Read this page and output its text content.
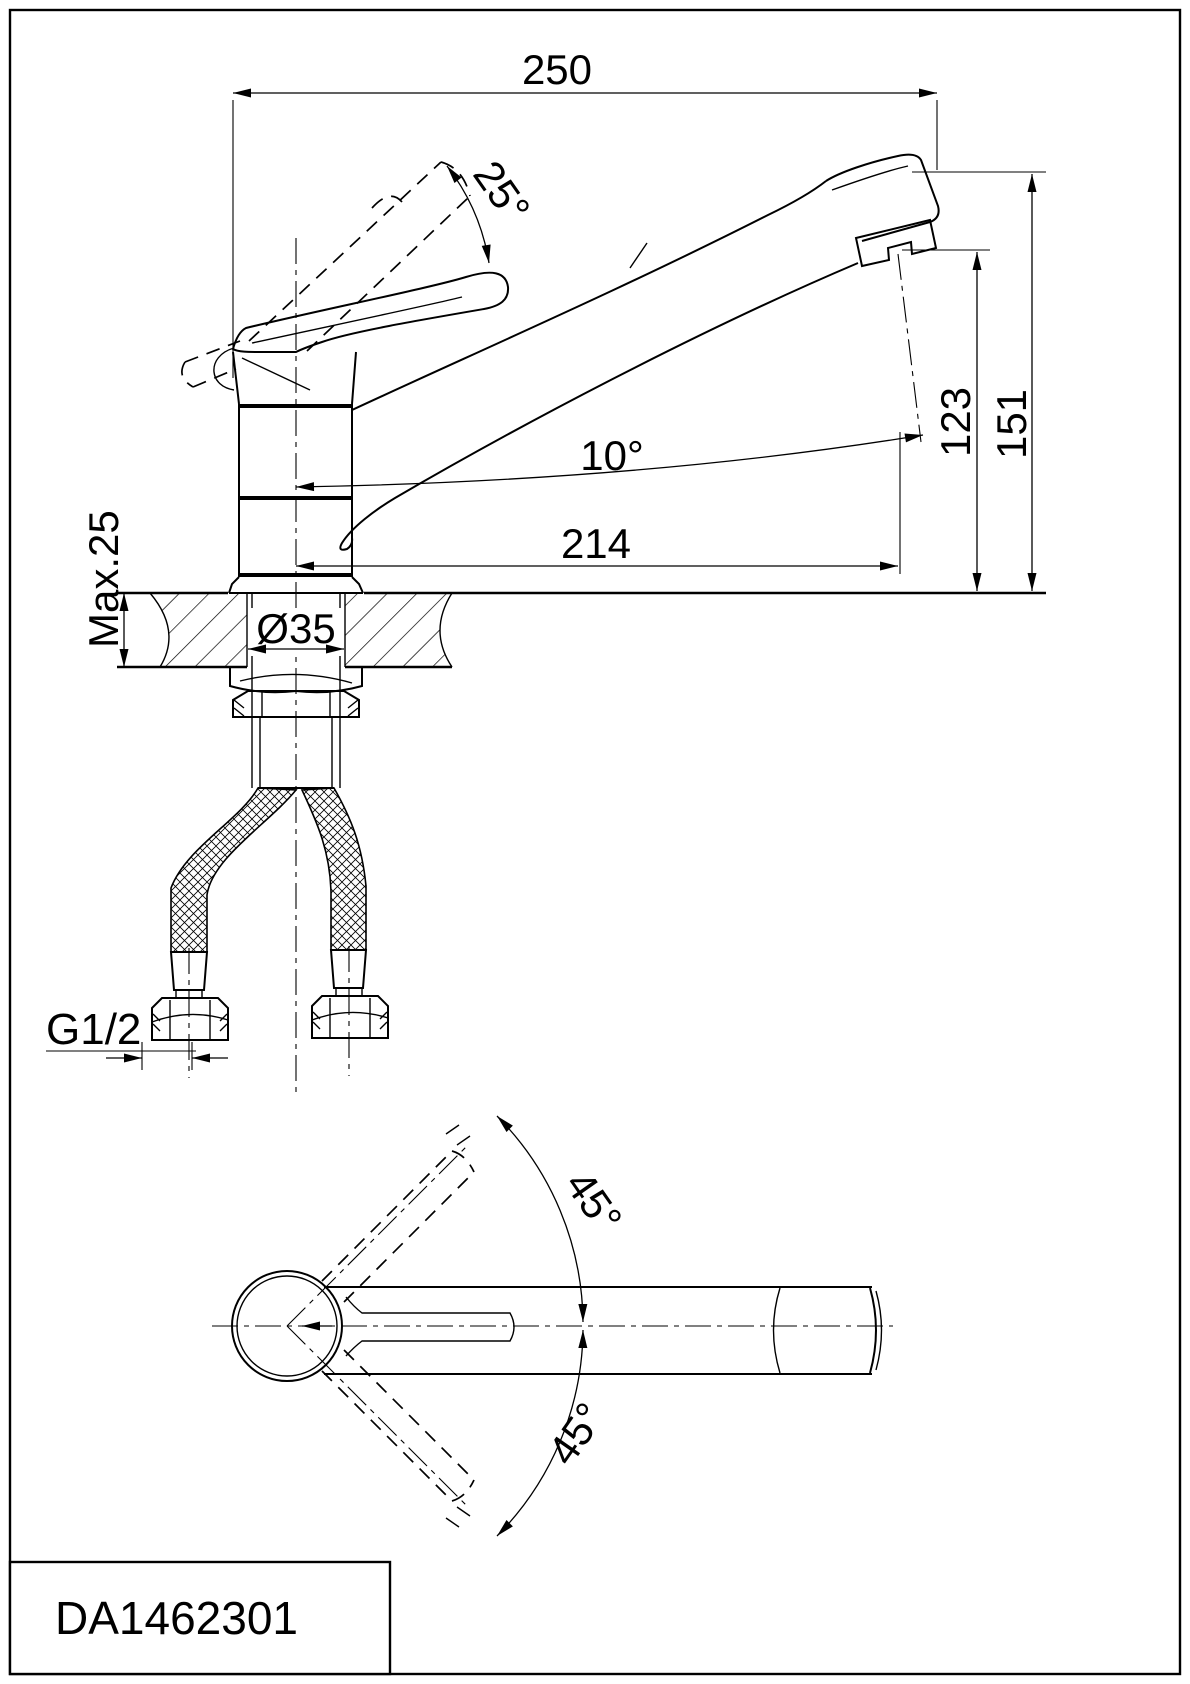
25°
250
10°
214
123 151
Max.25	Ø35
G1/2
45°
45°
DA1462301
